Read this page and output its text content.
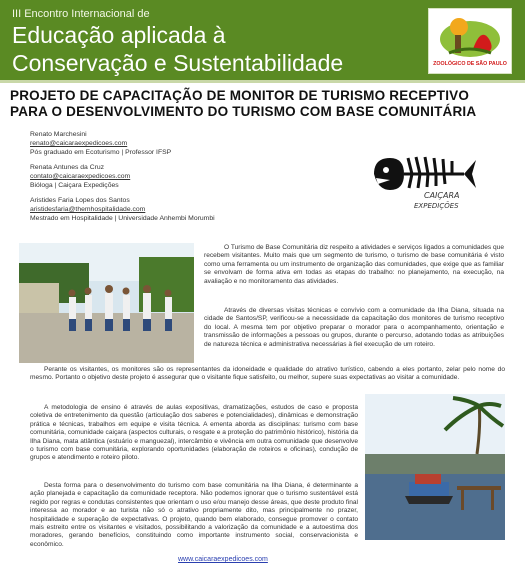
III Encontro Internacional de
Educação aplicada à
Conservação e Sustentabilidade	ZOOLÓGICO DE SÃO PAULO
PROJETO DE CAPACITAÇÃO DE MONITOR DE TURISMO RECEPTIVO
PARA O DESENVOLVIMENTO DO TURISMO COM BASE COMUNITÁRIA
Renato Marchesini
renato@caicaraexpedicoes.com
Pós graduado em Ecoturismo | Professor IFSP
Renata Antunes da Cruz
contato@caicaraexpedicoes.com
Bióloga | Caiçara Expedições
Aristides Faria Lopes dos Santos
aristidesfaria@themhospitalidade.com
Mestrado em Hospitalidade | Universidade Anhembi Morumbi
CAIÇARA
EXPEDIÇÕES
O Turismo de Base Comunitária diz respeito a atividades e serviços ligados a comunidades que recebem visitantes. Muito mais que um segmento de turismo, o turismo de base comunitária é visto como uma ferramenta ou um instrumento de organização das comunidades, que exige que as familiar se envolvam de forma ativa em todas as etapas do trabalho: no planejamento, na execução, na avaliação e no monitoramento das atividades.
Através de diversas visitas técnicas e convívio com a comunidade da Ilha Diana, situada na cidade de Santos/SP, verificou-se a necessidade da capacitação dos monitores de turismo receptivo do local. A mesma tem por objetivo preparar o morador para o acompanhamento, orientação e transmissão de informações a pessoas ou grupos, durante o percurso, adotando todas as atribuições de natureza técnica e administrativa necessárias à fiel execução de um roteiro.
Perante os visitantes, os monitores são os representantes da idoneidade e qualidade do atrativo turístico, cabendo a eles portanto, zelar pelo nome do mesmo. Portanto o objetivo deste projeto é assegurar que o visitante fique satisfeito, ou melhor, supere suas expectativas ao visitar a comunidade.
A metodologia de ensino é através de aulas expositivas, dramatizações, estudos de caso e proposta coletiva de entretenimento da questão (articulação dos saberes e potencialidades), dinâmicas e demonstração prática e técnicas, trabalhos em equipe e visita técnica. A ementa aborda as disciplinas: turismo com base comunitária, comunidade caiçara (aspectos culturais, o resgate e a proteção do patrimônio histórico), história da Ilha Diana, mata atlântica (estuário e manguezal), intercâmbio e vivência em outra comunidade que desenvolve o turismo com base comunitária, explorando oportunidades (elaboração de roteiros e oficinas), condução de grupos e atendimento e roteiro piloto.
Desta forma para o desenvolvimento do turismo com base comunitária na Ilha Diana, é determinante a ação planejada e capacitação da comunidade receptora. Não podemos ignorar que o turismo sustentável está regido por regras e condutas consistentes que orientam o uso e/ou manejo desse áreas, que deste produto final interessa ao morador e ao turista não só o atrativo propriamente dito, mas principalmente no prazer, hospitalidade e superação de expectativas. O projeto, quando bem elaborado, consegue promover o contato mais estreito entre os visitantes e visitados, possibilitando a valorização da comunidade e a autoestima dos moradores, gerando benefícios, constituindo como importante instrumento social, conservacionista e econômico.
www.caicaraexpedicoes.com
